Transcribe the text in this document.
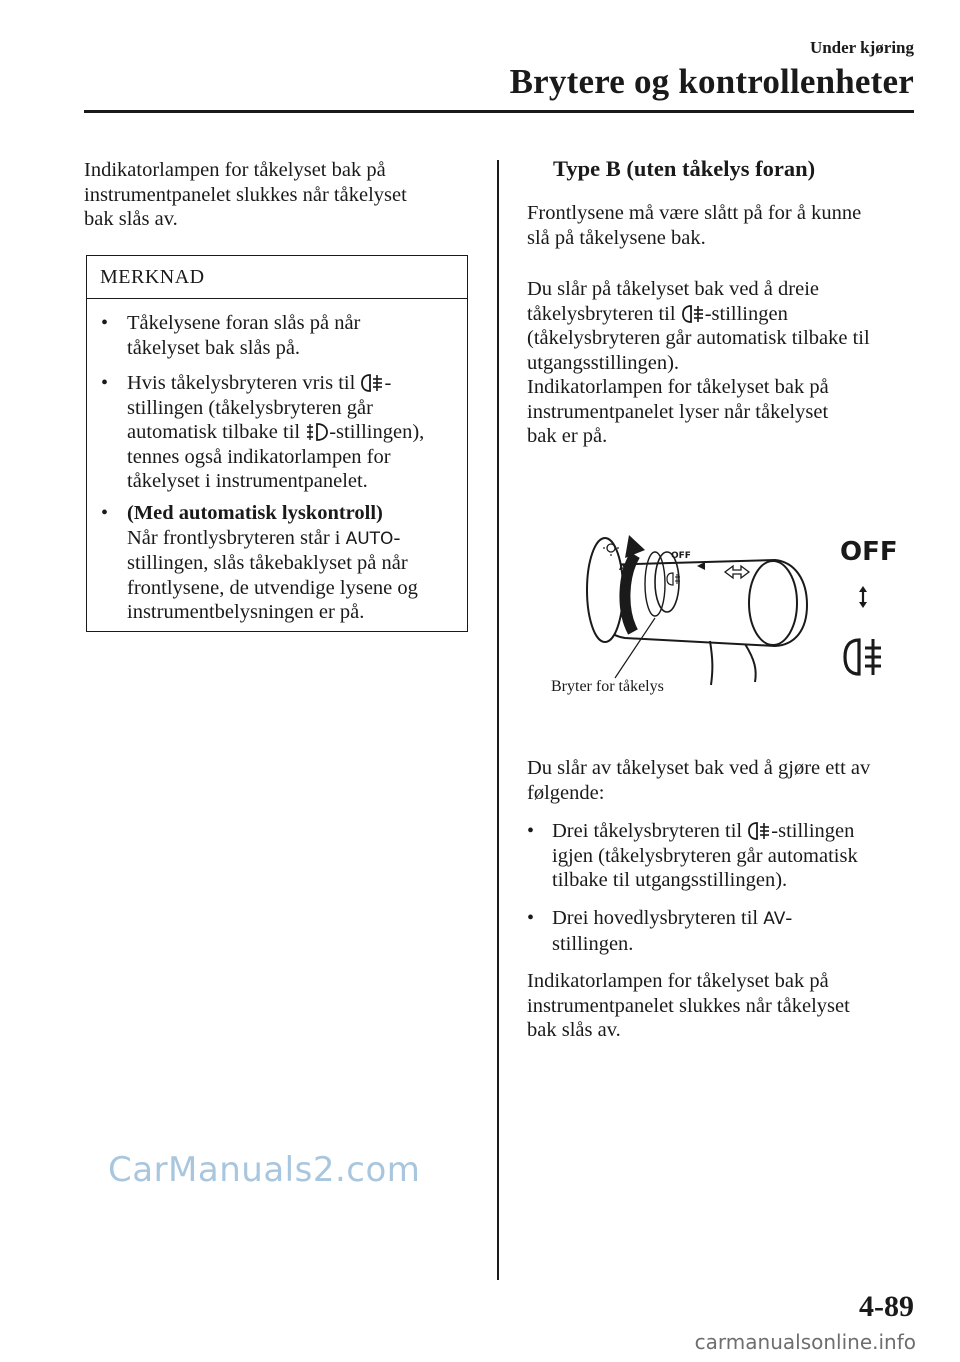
Under kjøring
Brytere og kontrollenheter

Indikatorlampen for tåkelyset bak på

instrumentpanelet slukkes når tåkelyset

bak slås av.

MERKNAD
• Tåkelysene foran slås på når
tåkelyset bak slås på.
• Hvis tåkelysbryteren vris til -
stillingen (tåkelysbryteren går
automatisk tilbake til -stillingen),
tennes også indikatorlampen for
tåkelyset i instrumentpanelet.
• (Med automatisk lyskontroll)
Når frontlysbryteren står i AUTO-
stillingen, slås tåkebaklyset på når
frontlysene, de utvendige lysene og
instrumentbelysningen er på.
Type B (uten tåkelys foran)

Frontlysene må være slått på for å kunne

slå på tåkelysene bak.

Du slår på tåkelyset bak ved å dreie

tåkelysbryteren til -stillingen

(tåkelysbryteren går automatisk tilbake til

utgangsstillingen).

Indikatorlampen for tåkelyset bak på

instrumentpanelet lyser når tåkelyset

bak er på.

OFF
A
OFF
Bryter for tåkelys

Du slår av tåkelyset bak ved å gjøre ett av

følgende:

• Drei tåkelysbryteren til -stillingen
igjen (tåkelysbryteren går automatisk
tilbake til utgangsstillingen).
• Drei hovedlysbryteren til AV-
stillingen.

Indikatorlampen for tåkelyset bak på

instrumentpanelet slukkes når tåkelyset

bak slås av.

CarManuals2.com
4-89
carmanualsonline.info
